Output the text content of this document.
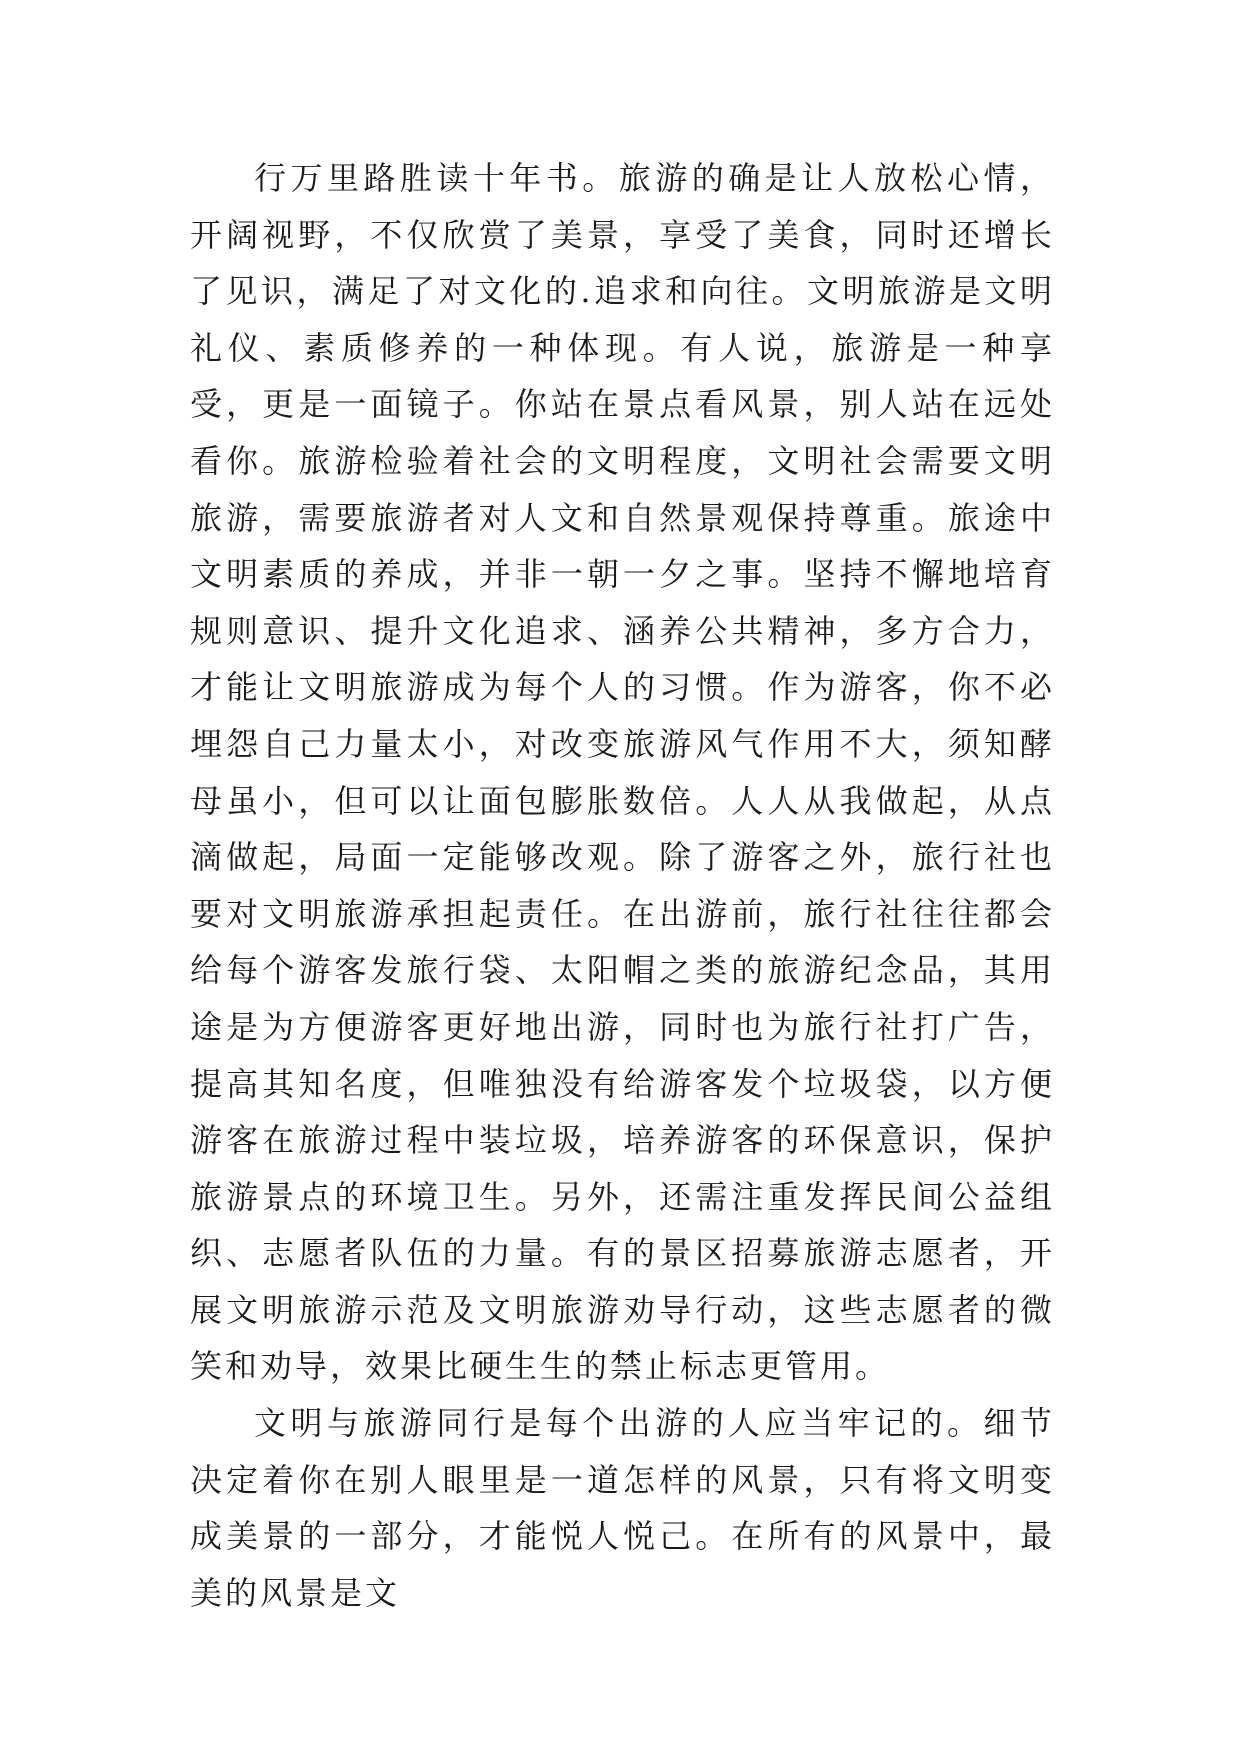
行万里路胜读十年书。旅游的确是让人放松心情，开阔视野，不仅欣赏了美景，享受了美食，同时还增长了见识，满足了对文化的.追求和向往。文明旅游是文明礼仪、素质修养的一种体现。有人说，旅游是一种享受，更是一面镜子。你站在景点看风景，别人站在远处看你。旅游检验着社会的文明程度，文明社会需要文明旅游，需要旅游者对人文和自然景观保持尊重。旅途中文明素质的养成，并非一朝一夕之事。坚持不懈地培育规则意识、提升文化追求、涵养公共精神，多方合力，才能让文明旅游成为每个人的习惯。作为游客，你不必埋怨自己力量太小，对改变旅游风气作用不大，须知酵母虽小，但可以让面包膨胀数倍。人人从我做起，从点滴做起，局面一定能够改观。除了游客之外，旅行社也要对文明旅游承担起责任。在出游前，旅行社往往都会给每个游客发旅行袋、太阳帽之类的旅游纪念品，其用途是为方便游客更好地出游，同时也为旅行社打广告，提高其知名度，但唯独没有给游客发个垃圾袋，以方便游客在旅游过程中装垃圾，培养游客的环保意识，保护旅游景点的环境卫生。另外，还需注重发挥民间公益组织、志愿者队伍的力量。有的景区招募旅游志愿者，开展文明旅游示范及文明旅游劝导行动，这些志愿者的微笑和劝导，效果比硬生生的禁止标志更管用。

文明与旅游同行是每个出游的人应当牢记的。细节决定着你在别人眼里是一道怎样的风景，只有将文明变成美景的一部分，才能悦人悦己。在所有的风景中，最美的风景是文
